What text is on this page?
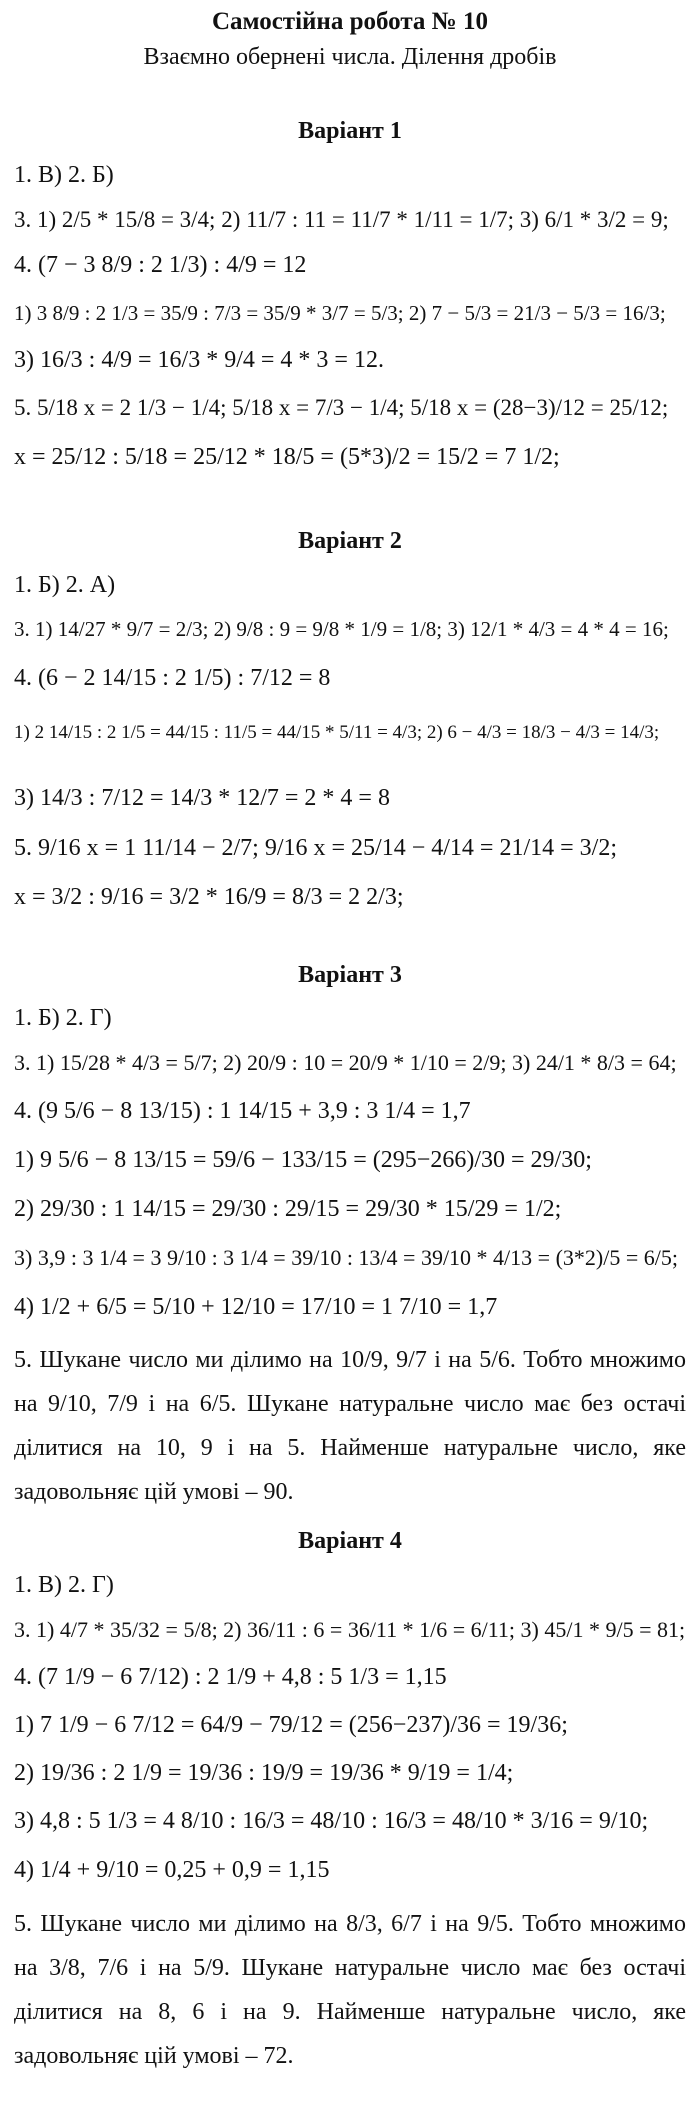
Самостійна робота № 10
Взаємно обернені числа. Ділення дробів
Варіант 1
1. В) 2. Б)
3. 1) 2/5 * 15/8 = 3/4; 2) 11/7 : 11 = 11/7 * 1/11 = 1/7; 3) 6/1 * 3/2 = 9;
4. (7 − 3 8/9 : 2 1/3) : 4/9 = 12
1) 3 8/9 : 2 1/3 = 35/9 : 7/3 = 35/9 * 3/7 = 5/3; 2) 7 − 5/3 = 21/3 − 5/3 = 16/3;
3) 16/3 : 4/9 = 16/3 * 9/4 = 4 * 3 = 12.
5. 5/18 x = 2 1/3 − 1/4; 5/18 x = 7/3 − 1/4; 5/18 x = (28−3)/12 = 25/12;
x = 25/12 : 5/18 = 25/12 * 18/5 = (5*3)/2 = 15/2 = 7 1/2;
Варіант 2
1. Б) 2. А)
3. 1) 14/27 * 9/7 = 2/3; 2) 9/8 : 9 = 9/8 * 1/9 = 1/8; 3) 12/1 * 4/3 = 4 * 4 = 16;
4. (6 − 2 14/15 : 2 1/5) : 7/12 = 8
1) 2 14/15 : 2 1/5 = 44/15 : 11/5 = 44/15 * 5/11 = 4/3; 2) 6 − 4/3 = 18/3 − 4/3 = 14/3;
3) 14/3 : 7/12 = 14/3 * 12/7 = 2 * 4 = 8
5. 9/16 x = 1 11/14 − 2/7; 9/16 x = 25/14 − 4/14 = 21/14 = 3/2;
x = 3/2 : 9/16 = 3/2 * 16/9 = 8/3 = 2 2/3;
Варіант 3
1. Б) 2. Г)
3. 1) 15/28 * 4/3 = 5/7; 2) 20/9 : 10 = 20/9 * 1/10 = 2/9; 3) 24/1 * 8/3 = 64;
4. (9 5/6 − 8 13/15) : 1 14/15 + 3,9 : 3 1/4 = 1,7
1) 9 5/6 − 8 13/15 = 59/6 − 133/15 = (295−266)/30 = 29/30;
2) 29/30 : 1 14/15 = 29/30 : 29/15 = 29/30 * 15/29 = 1/2;
3) 3,9 : 3 1/4 = 3 9/10 : 3 1/4 = 39/10 : 13/4 = 39/10 * 4/13 = (3*2)/5 = 6/5;
4) 1/2 + 6/5 = 5/10 + 12/10 = 17/10 = 1 7/10 = 1,7
5. Шукане число ми ділимо на 10/9, 9/7 і на 5/6. Тобто множимо на 9/10, 7/9 і на 6/5. Шукане натуральне число має без остачі ділитися на 10, 9 і на 5. Найменше натуральне число, яке задовольняє цій умові – 90.
Варіант 4
1. В) 2. Г)
3. 1) 4/7 * 35/32 = 5/8; 2) 36/11 : 6 = 36/11 * 1/6 = 6/11; 3) 45/1 * 9/5 = 81;
4. (7 1/9 − 6 7/12) : 2 1/9 + 4,8 : 5 1/3 = 1,15
1) 7 1/9 − 6 7/12 = 64/9 − 79/12 = (256−237)/36 = 19/36;
2) 19/36 : 2 1/9 = 19/36 : 19/9 = 19/36 * 9/19 = 1/4;
3) 4,8 : 5 1/3 = 4 8/10 : 16/3 = 48/10 : 16/3 = 48/10 * 3/16 = 9/10;
4) 1/4 + 9/10 = 0,25 + 0,9 = 1,15
5. Шукане число ми ділимо на 8/3, 6/7 і на 9/5. Тобто множимо на 3/8, 7/6 і на 5/9. Шукане натуральне число має без остачі ділитися на 8, 6 і на 9. Найменше натуральне число, яке задовольняє цій умові – 72.
